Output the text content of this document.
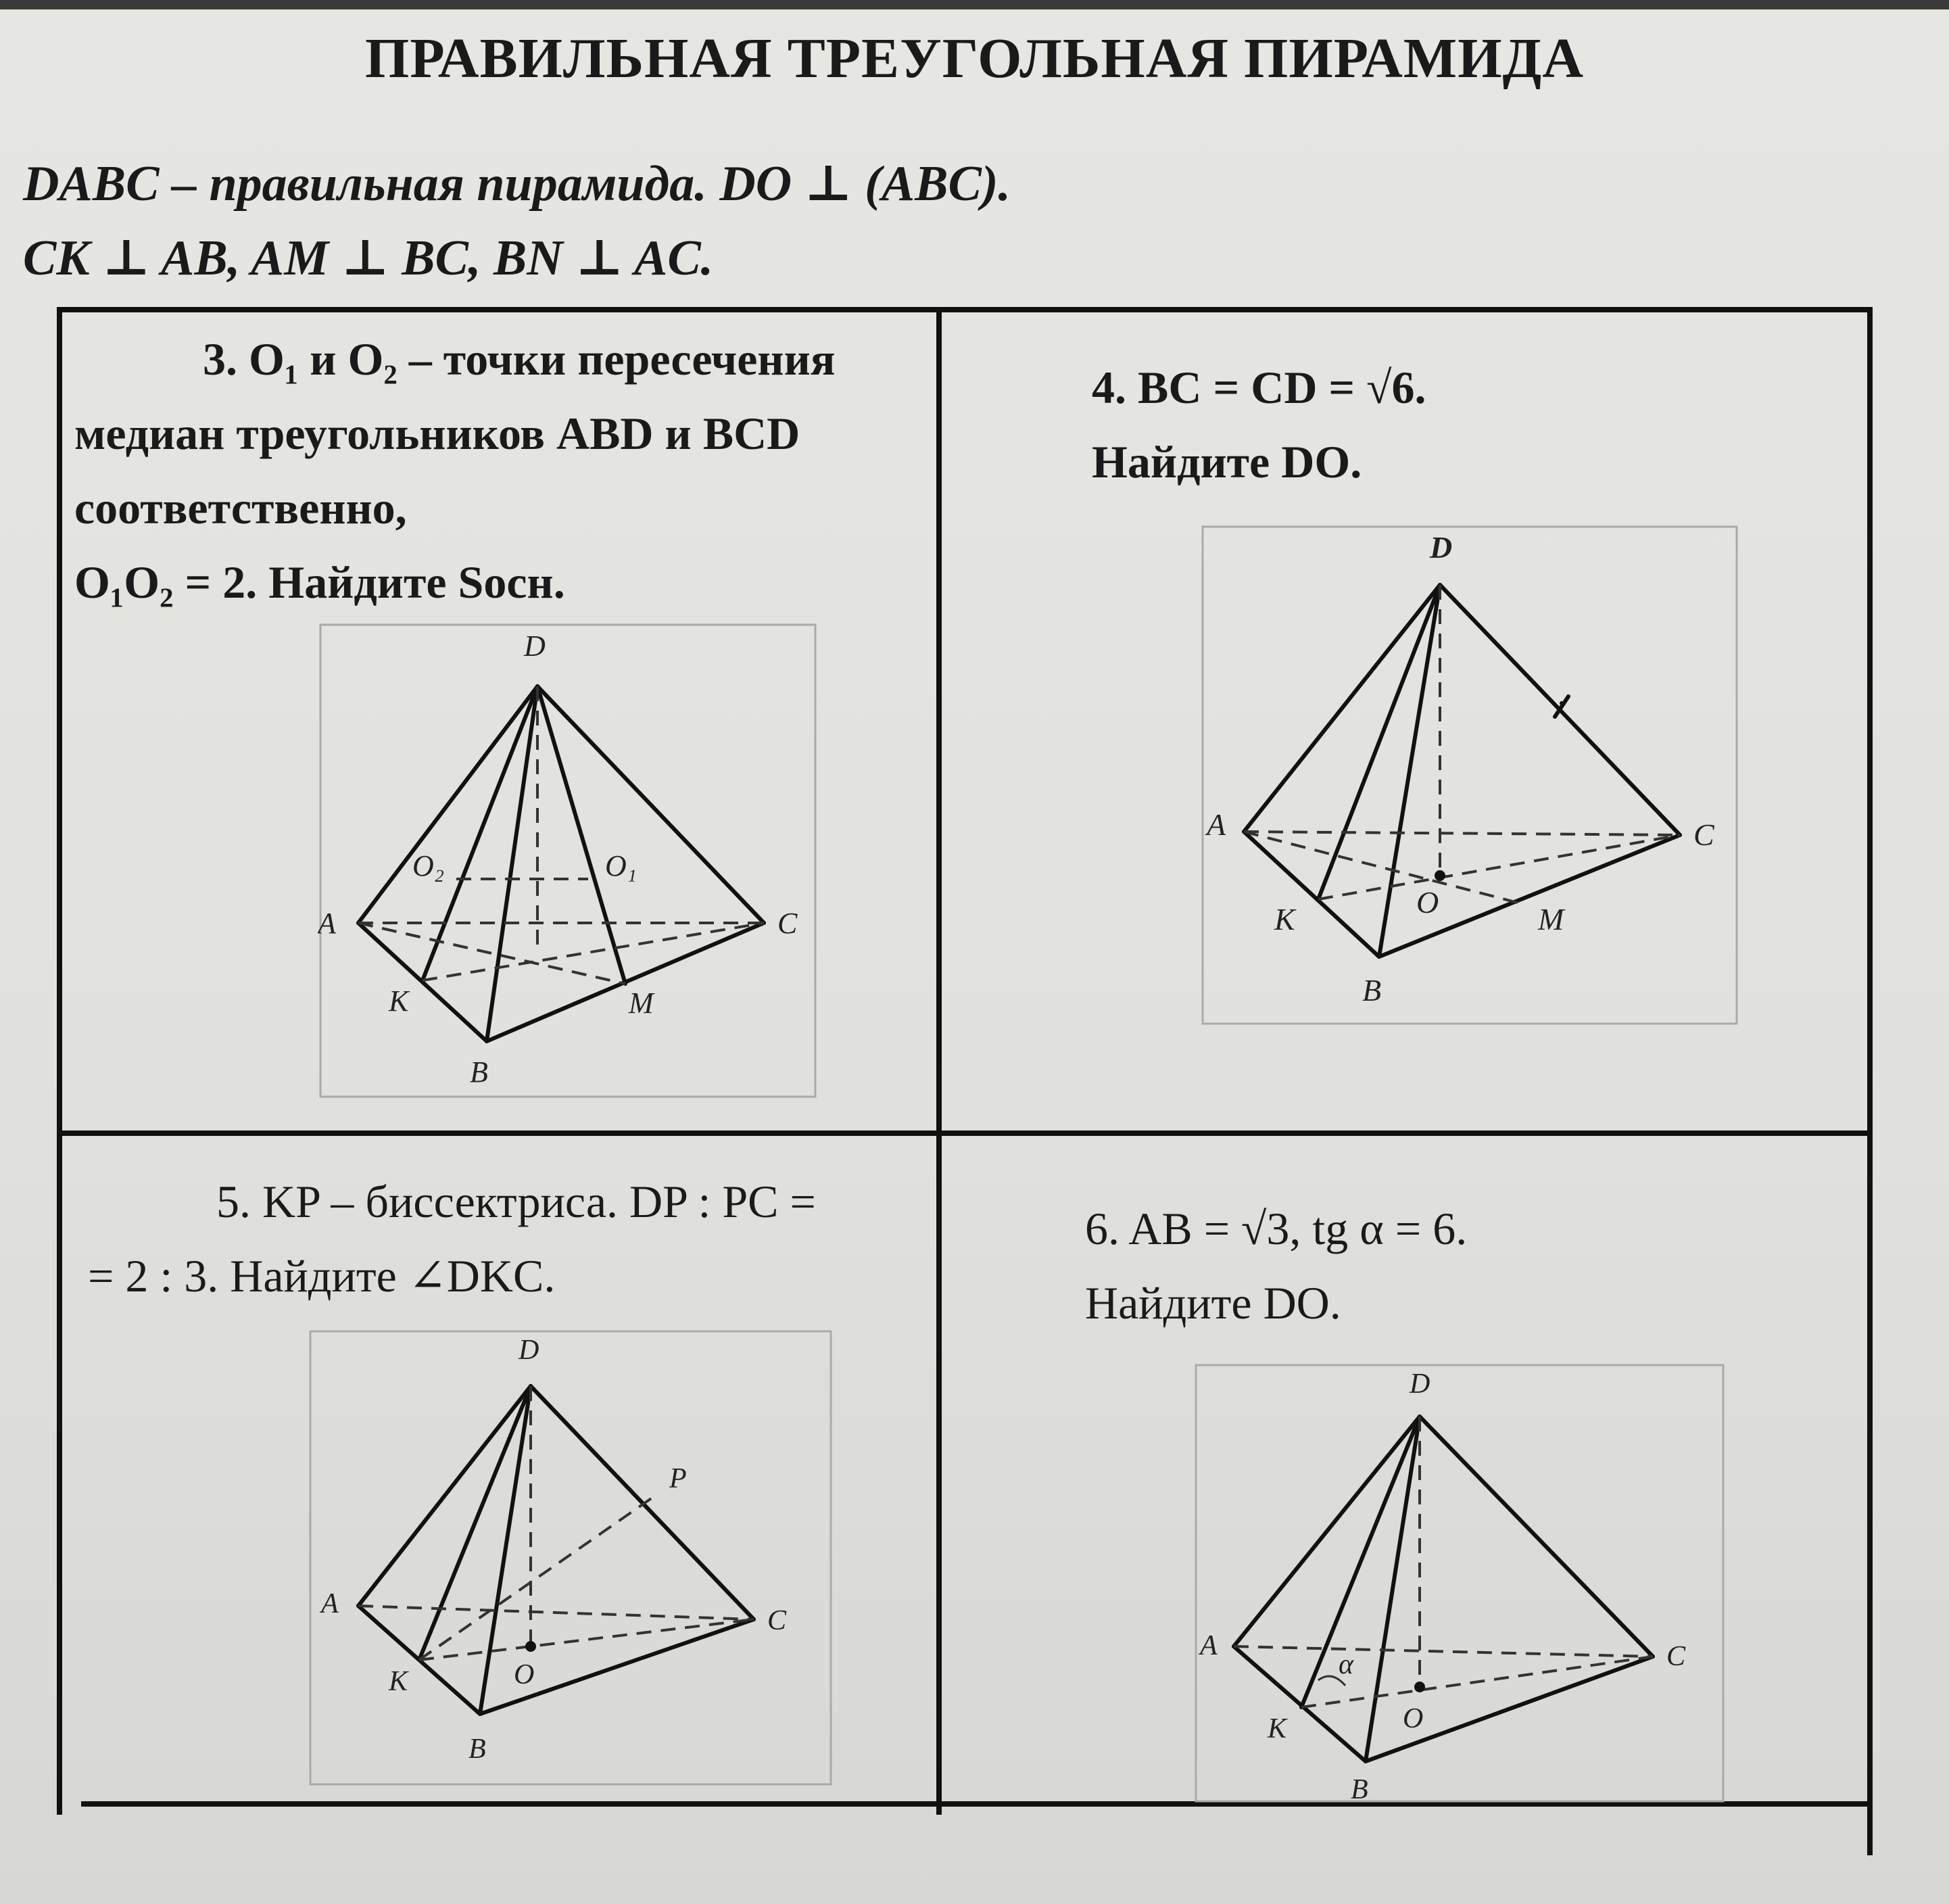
ПРАВИЛЬНАЯ ТРЕУГОЛЬНАЯ ПИРАМИДА
DABC – правильная пирамида. DO ⊥ (ABC).
CK ⊥ AB, AM ⊥ BC, BN ⊥ AC.
3. O₁ и O₂ – точки пересечения
медиан треугольников ABD и BCD
соответственно,
O₁O₂ = 2. Найдите Sосн.
4. BC = CD = √6.
Найдите DO.
5. KP – биссектриса. DP : PC =
= 2 : 3. Найдите ∠DKC.
6. AB = √3, tg α = 6.
Найдите DO.
D
A	C
B
K	M
O₂	O₁
D
A	C
B
K	M
O
D
P
A
C
K	O
B
D
A	C
K
α
O
B
